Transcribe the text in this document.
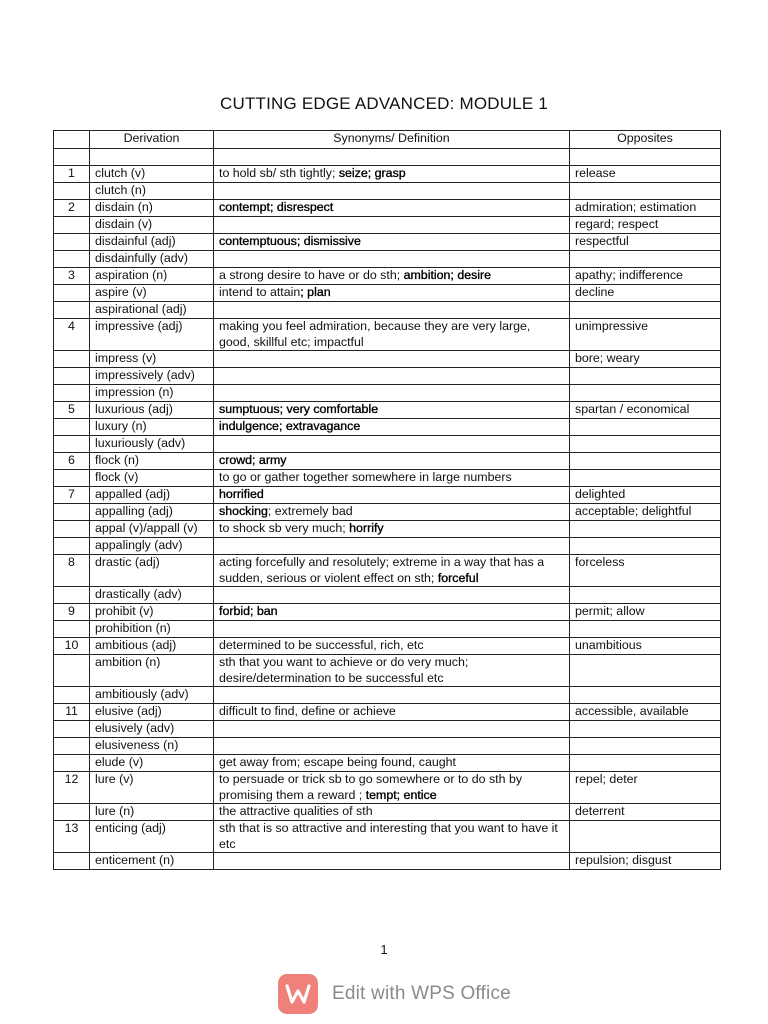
CUTTING EDGE ADVANCED: MODULE 1
	Derivation	Synonyms/ Definition	Opposites

1	clutch (v)	to hold sb/ sth tightly; seize; grasp	release
	clutch (n)		
2	disdain (n)	contempt; disrespect	admiration; estimation
	disdain (v)		regard; respect
	disdainful (adj)	contemptuous; dismissive	respectful
	disdainfully (adv)		
3	aspiration (n)	a strong desire to have or do sth; ambition; desire	apathy; indifference
	aspire (v)	intend to attain; plan	decline
	aspirational (adj)		
4	impressive (adj)	making you feel admiration, because they are very large, good, skillful etc; impactful	unimpressive
	impress (v)		bore; weary
	impressively (adv)		
	impression (n)		
5	luxurious (adj)	sumptuous; very comfortable	spartan / economical
	luxury (n)	indulgence; extravagance	
	luxuriously (adv)		
6	flock (n)	crowd; army	
	flock (v)	to go or gather together somewhere in large numbers	
7	appalled (adj)	horrified	delighted
	appalling (adj)	shocking; extremely bad	acceptable; delightful
	appal (v)/appall (v)	to shock sb very much; horrify	
	appalingly (adv)		
8	drastic (adj)	acting forcefully and resolutely; extreme in a way that has a sudden, serious or violent effect on sth; forceful	forceless
	drastically (adv)		
9	prohibit (v)	forbid; ban	permit; allow
	prohibition (n)		
10	ambitious (adj)	determined to be successful, rich, etc	unambitious
	ambition (n)	sth that you want to achieve or do very much; desire/determination to be successful etc	
	ambitiously (adv)		
11	elusive (adj)	difficult to find, define or achieve	accessible, available
	elusively (adv)		
	elusiveness (n)		
	elude (v)	get away from; escape being found, caught	
12	lure (v)	to persuade or trick sb to go somewhere or to do sth by promising them a reward ; tempt; entice	repel; deter
	lure (n)	the attractive qualities of sth	deterrent
13	enticing (adj)	sth that is so attractive and interesting that you want to have it etc	
	enticement (n)		repulsion; disgust
1
Edit with WPS Office
